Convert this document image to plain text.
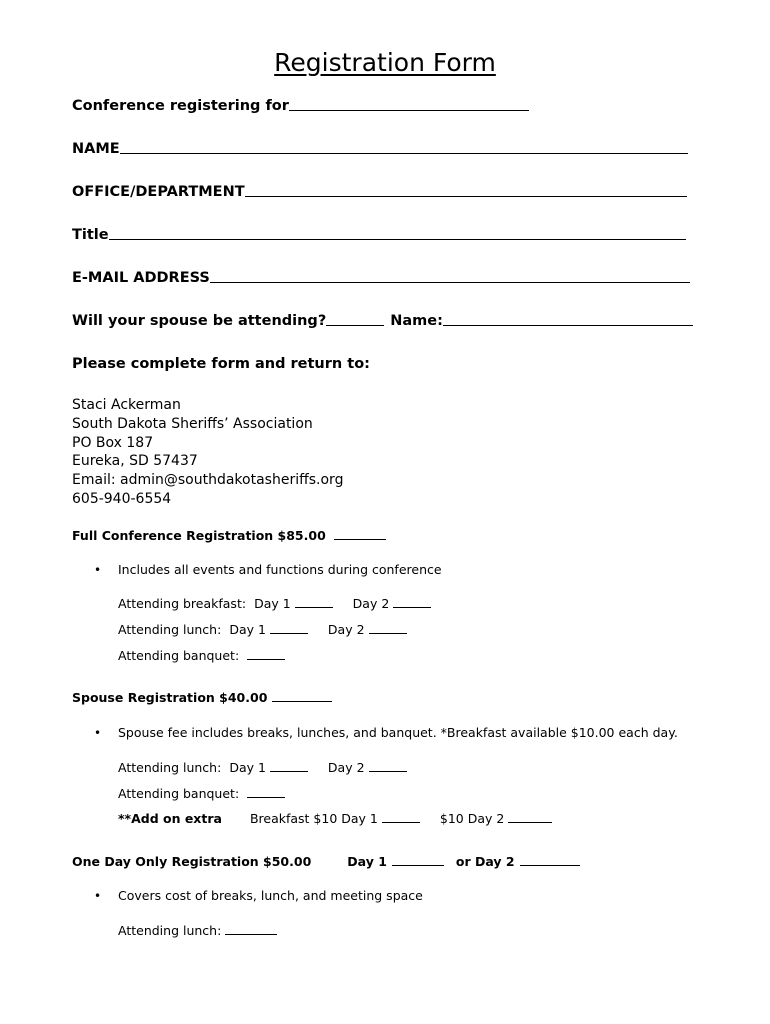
Registration Form
Conference registering for
NAME
OFFICE/DEPARTMENT
Title
E-MAIL ADDRESS
Will your spouse be attending?	Name:
Please complete form and return to:
Staci Ackerman
South Dakota Sheriffs’ Association
PO Box 187
Eureka, SD 57437
Email: admin@southdakotasheriffs.org
605-940-6554
Full Conference Registration $85.00
• Includes all events and functions during conference
Attending breakfast: Day 1	Day 2
Attending lunch: Day 1	Day 2
Attending banquet:
Spouse Registration $40.00
• Spouse fee includes breaks, lunches, and banquet. *Breakfast available $10.00 each day.
Attending lunch: Day 1	Day 2
Attending banquet:
**Add on extra Breakfast $10 Day 1	$10 Day 2
One Day Only Registration $50.00	Day 1	or Day 2
• Covers cost of breaks, lunch, and meeting space
Attending lunch:
